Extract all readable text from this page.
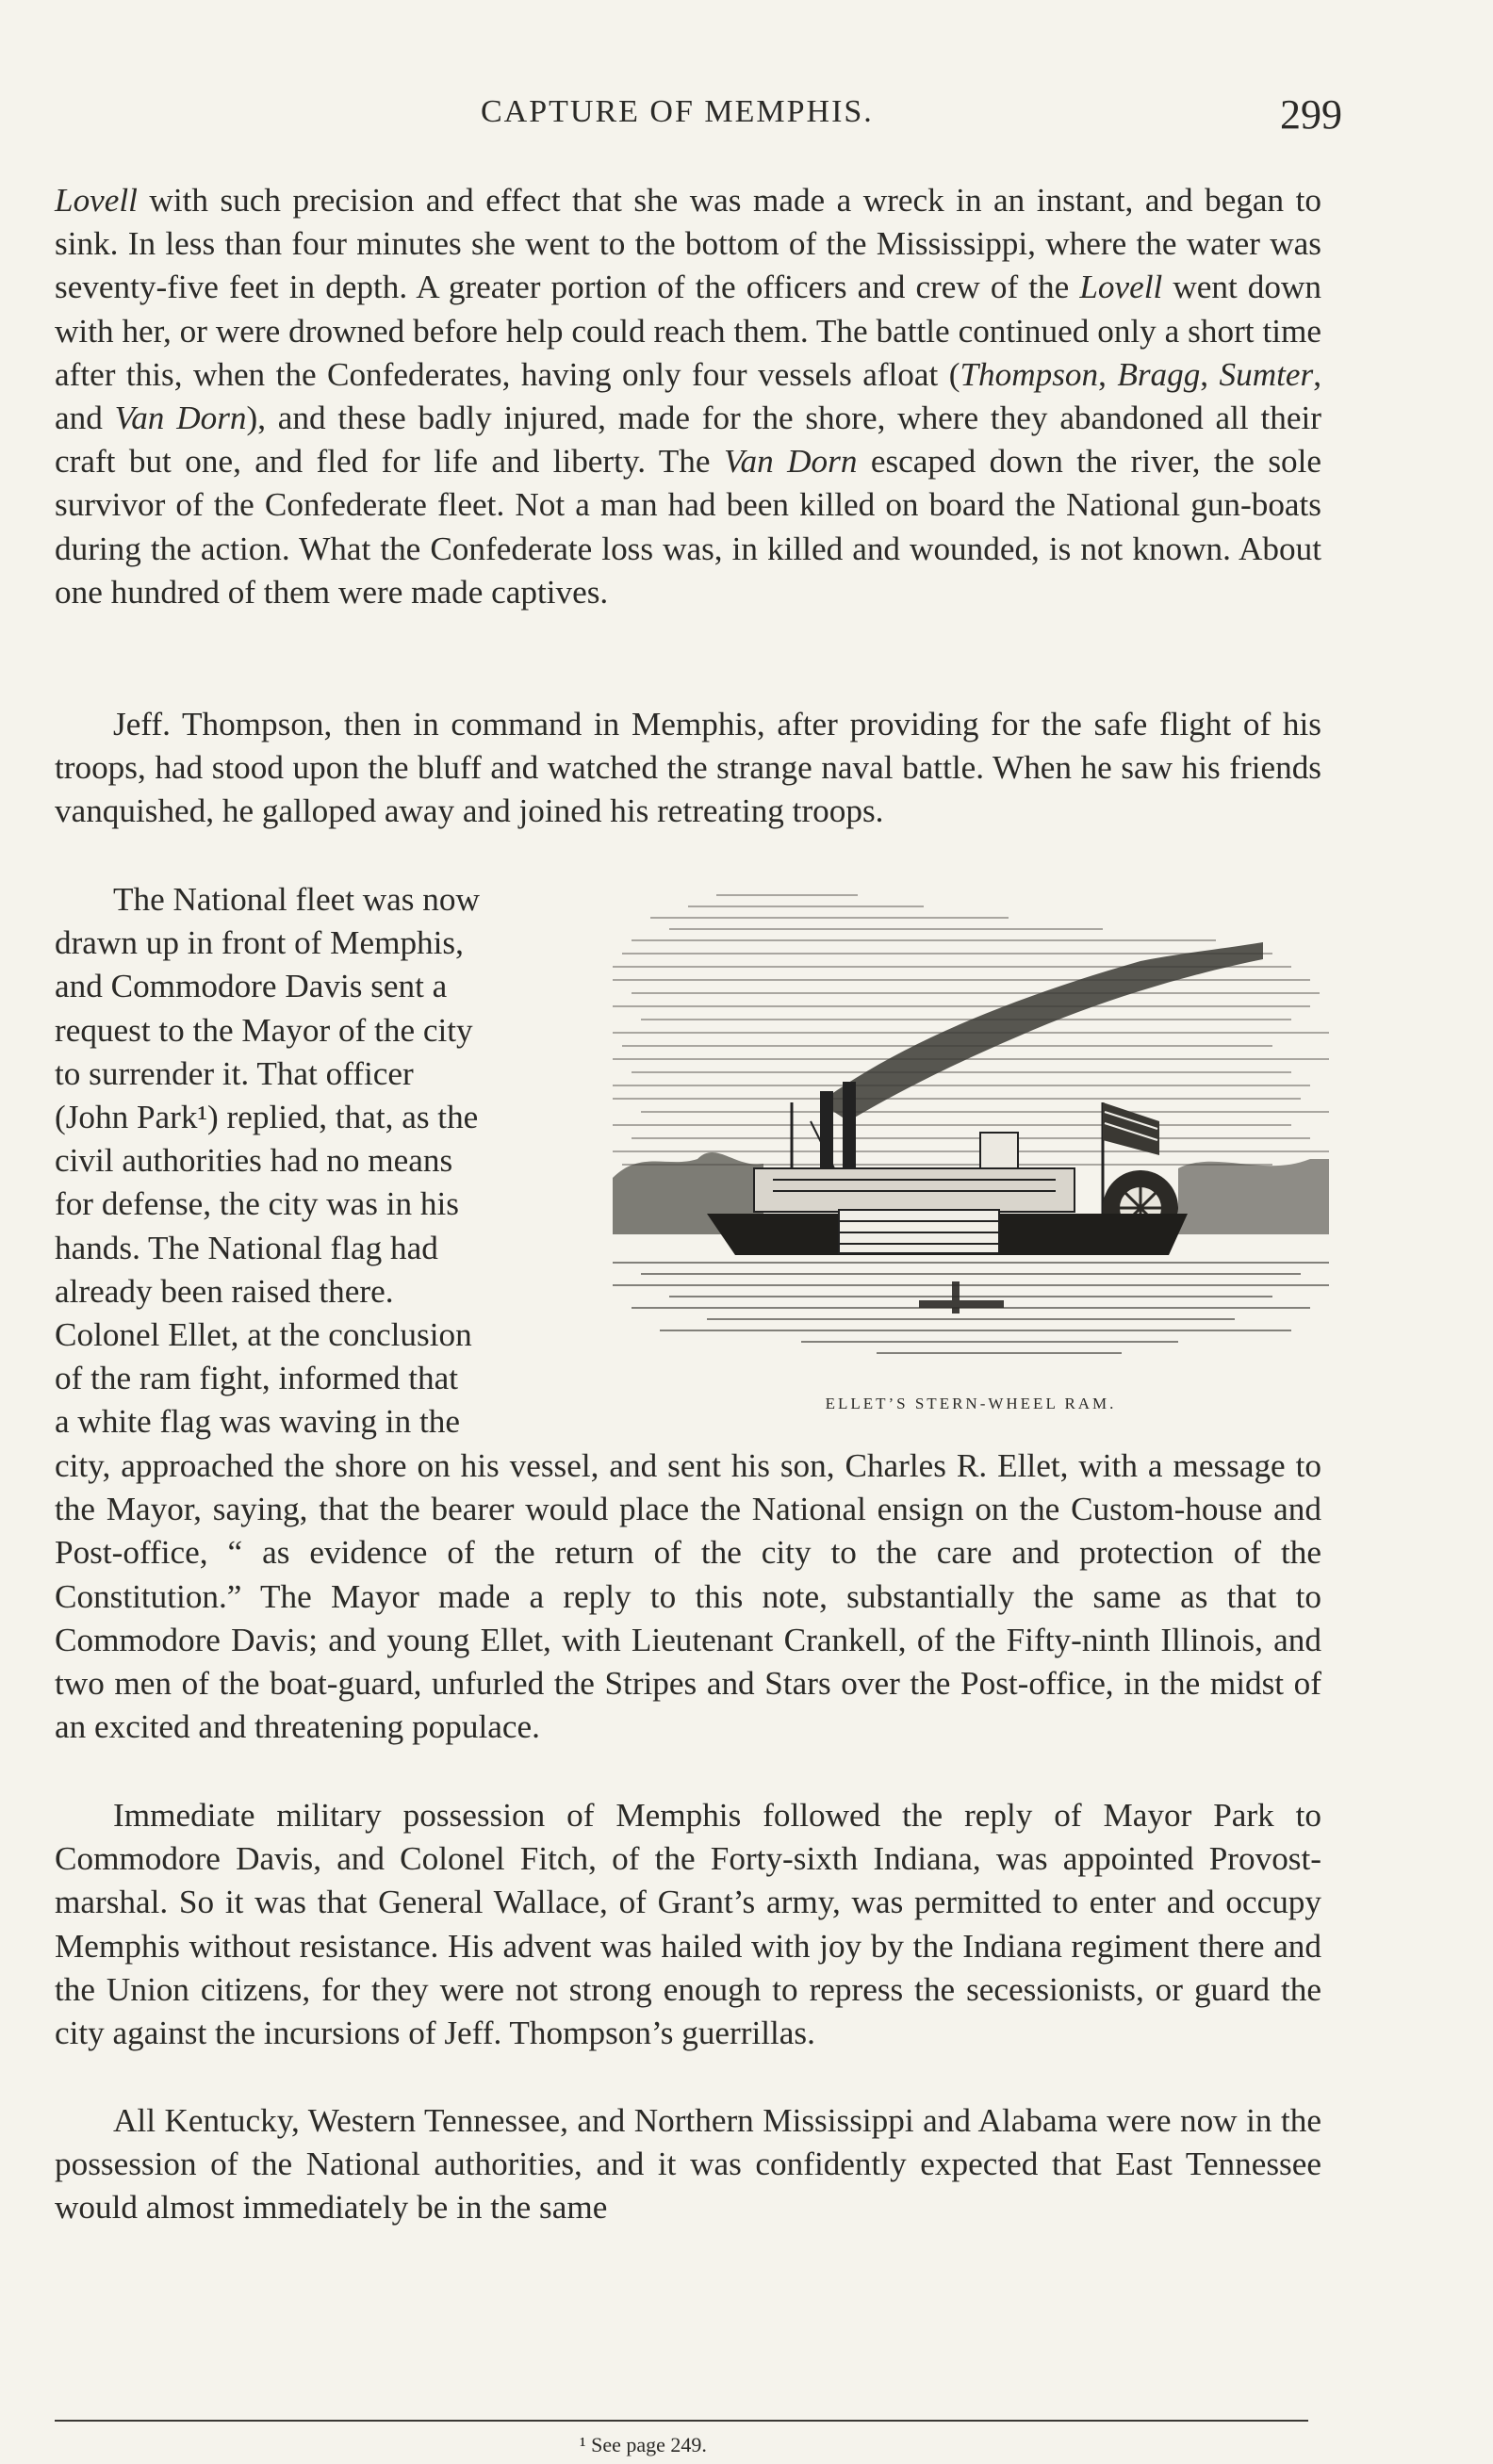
CAPTURE OF MEMPHIS.	299

Lovell with such precision and effect that she was made a wreck in an instant, and began to sink. In less than four minutes she went to the bottom of the Mississippi, where the water was seventy-five feet in depth. A greater portion of the officers and crew of the Lovell went down with her, or were drowned before help could reach them. The battle continued only a short time after this, when the Confederates, having only four vessels afloat (Thompson, Bragg, Sumter, and Van Dorn), and these badly injured, made for the shore, where they abandoned all their craft but one, and fled for life and liberty. The Van Dorn escaped down the river, the sole survivor of the Confederate fleet. Not a man had been killed on board the National gun-boats during the action. What the Confederate loss was, in killed and wounded, is not known. About one hundred of them were made captives.

Jeff. Thompson, then in command in Memphis, after providing for the safe flight of his troops, had stood upon the bluff and watched the strange naval battle. When he saw his friends vanquished, he galloped away and joined his retreating troops.

The National fleet was now
drawn up in front of Memphis,
and Commodore Davis sent a
request to the Mayor of the city
to surrender it. That officer
(John Park¹) replied, that, as the
civil authorities had no means
for defense, the city was in his
hands. The National flag had
already been raised there.
Colonel Ellet, at the conclusion
of the ram fight, informed that
a white flag was waving in the	ELLET’S STERN-WHEEL RAM.

city, approached the shore on his vessel, and sent his son, Charles R. Ellet, with a message to the Mayor, saying, that the bearer would place the National ensign on the Custom-house and Post-office, “ as evidence of the return of the city to the care and protection of the Constitution.” The Mayor made a reply to this note, substantially the same as that to Commodore Davis; and young Ellet, with Lieutenant Crankell, of the Fifty-ninth Illinois, and two men of the boat-guard, unfurled the Stripes and Stars over the Post-office, in the midst of an excited and threatening populace.

Immediate military possession of Memphis followed the reply of Mayor Park to Commodore Davis, and Colonel Fitch, of the Forty-sixth Indiana, was appointed Provost-marshal. So it was that General Wallace, of Grant’s army, was permitted to enter and occupy Memphis without resistance. His advent was hailed with joy by the Indiana regiment there and the Union citizens, for they were not strong enough to repress the secessionists, or guard the city against the incursions of Jeff. Thompson’s guerrillas.

All Kentucky, Western Tennessee, and Northern Mississippi and Alabama were now in the possession of the National authorities, and it was confidently expected that East Tennessee would almost immediately be in the same

¹ See page 249.
